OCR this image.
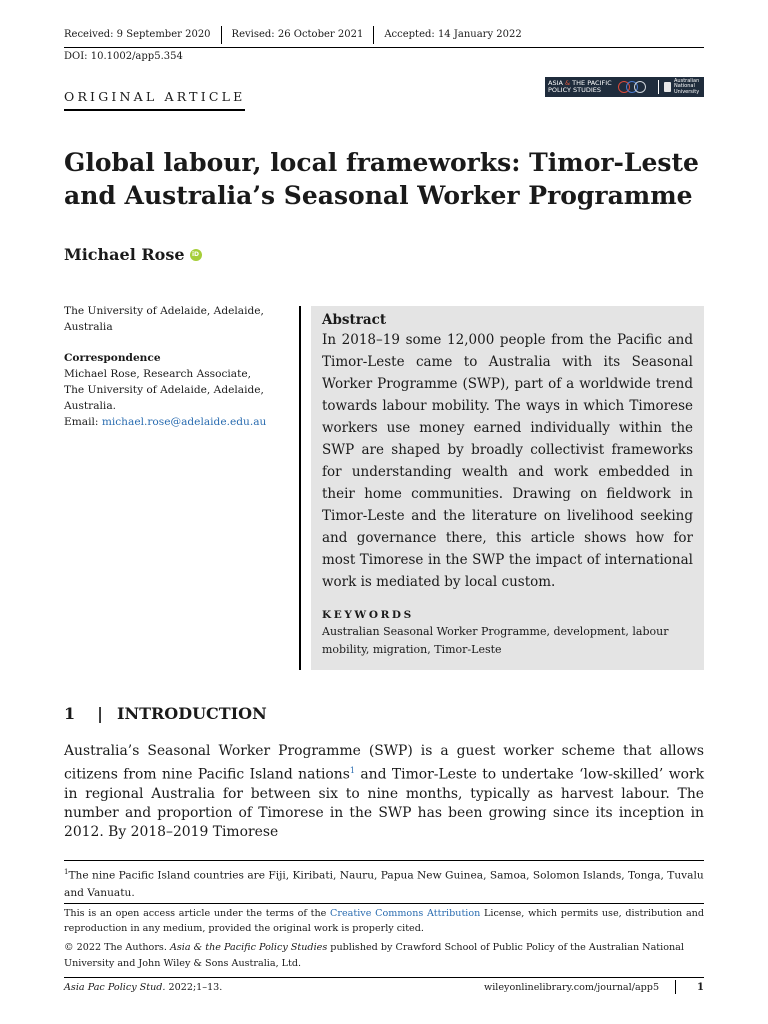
Received: 9 September 2020 Revised: 26 October 2021 Accepted: 14 January 2022
DOI: 10.1002/app5.354
ORIGINAL ARTICLE
ASIA & THE PACIFIC
POLICY STUDIES
Australian
National
University
Global labour, local frameworks: Timor-Leste
and Australia’s Seasonal Worker Programme
Michael Rose	iD
The University of Adelaide, Adelaide,
Australia
Correspondence
Michael Rose, Research Associate,
The University of Adelaide, Adelaide,
Australia.
Email: michael.rose@adelaide.edu.au
Abstract
In 2018–19 some 12,000 people from the Pacific and Timor-Leste came to Australia with its Seasonal Worker Programme (SWP), part of a worldwide trend towards labour mobility. The ways in which Timorese workers use money earned individually within the SWP are shaped by broadly collectivist frameworks for understanding wealth and work embedded in their home communities. Drawing on fieldwork in Timor-Leste and the literature on livelihood seeking and governance there, this article shows how for most Timorese in the SWP the impact of international work is mediated by local custom.
KEYWORDS
Australian Seasonal Worker Programme, development, labour mobility, migration, Timor-Leste
1 | INTRODUCTION

Australia’s Seasonal Worker Programme (SWP) is a guest worker scheme that allows citizens from nine Pacific Island nations$^1$ and Timor-Leste to undertake ‘low-skilled’ work in regional Australia for between six to nine months, typically as harvest labour. The number and proportion of Timorese in the SWP has been growing since its inception in 2012. By 2018–2019 Timorese

$^1$The nine Pacific Island countries are Fiji, Kiribati, Nauru, Papua New Guinea, Samoa, Solomon Islands, Tonga, Tuvalu and Vanuatu.
This is an open access article under the terms of the Creative Commons Attribution License, which permits use, distribution and reproduction in any medium, provided the original work is properly cited.
© 2022 The Authors. Asia & the Pacific Policy Studies published by Crawford School of Public Policy of the Australian National University and John Wiley & Sons Australia, Ltd.
Asia Pac Policy Stud. 2022;1–13.	wileyonlinelibrary.com/journal/app5	1
